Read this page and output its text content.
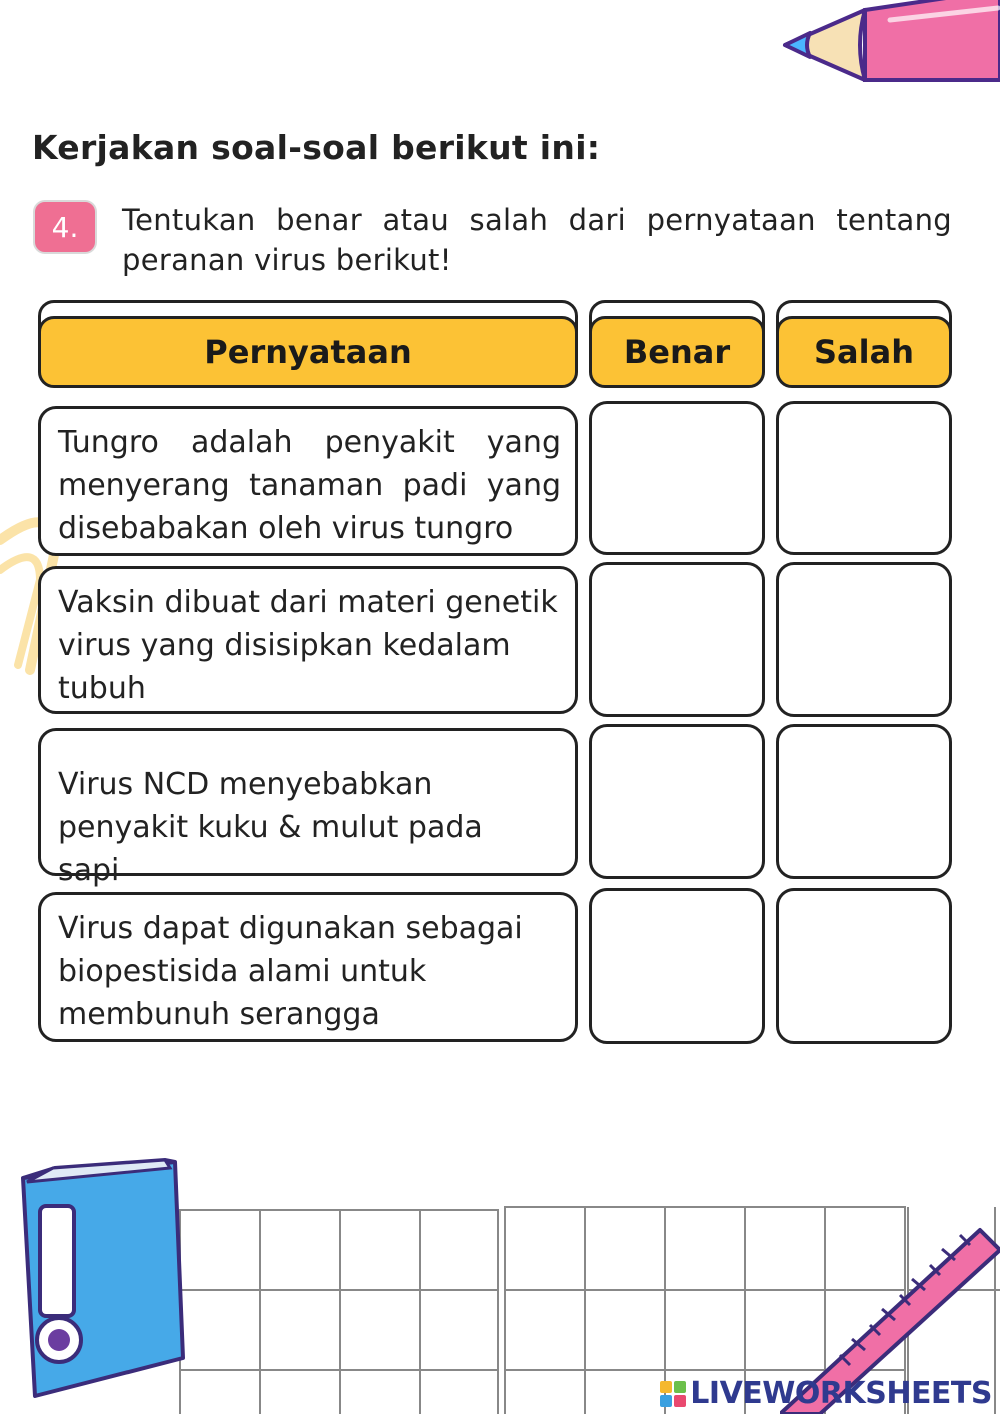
Kerjakan soal-soal berikut ini:
4.	Tentukan benar atau salah dari pernyataan tentang peranan virus berikut!
Pernyataan	Benar	Salah
Tungro adalah penyakit yang menyerang tanaman padi yang disebabakan oleh virus tungro
Vaksin dibuat dari materi genetik virus yang disisipkan kedalam tubuh
Virus NCD menyebabkan penyakit kuku & mulut pada sapi
Virus dapat digunakan sebagai biopestisida alami untuk membunuh serangga
LIVEWORKSHEETS
